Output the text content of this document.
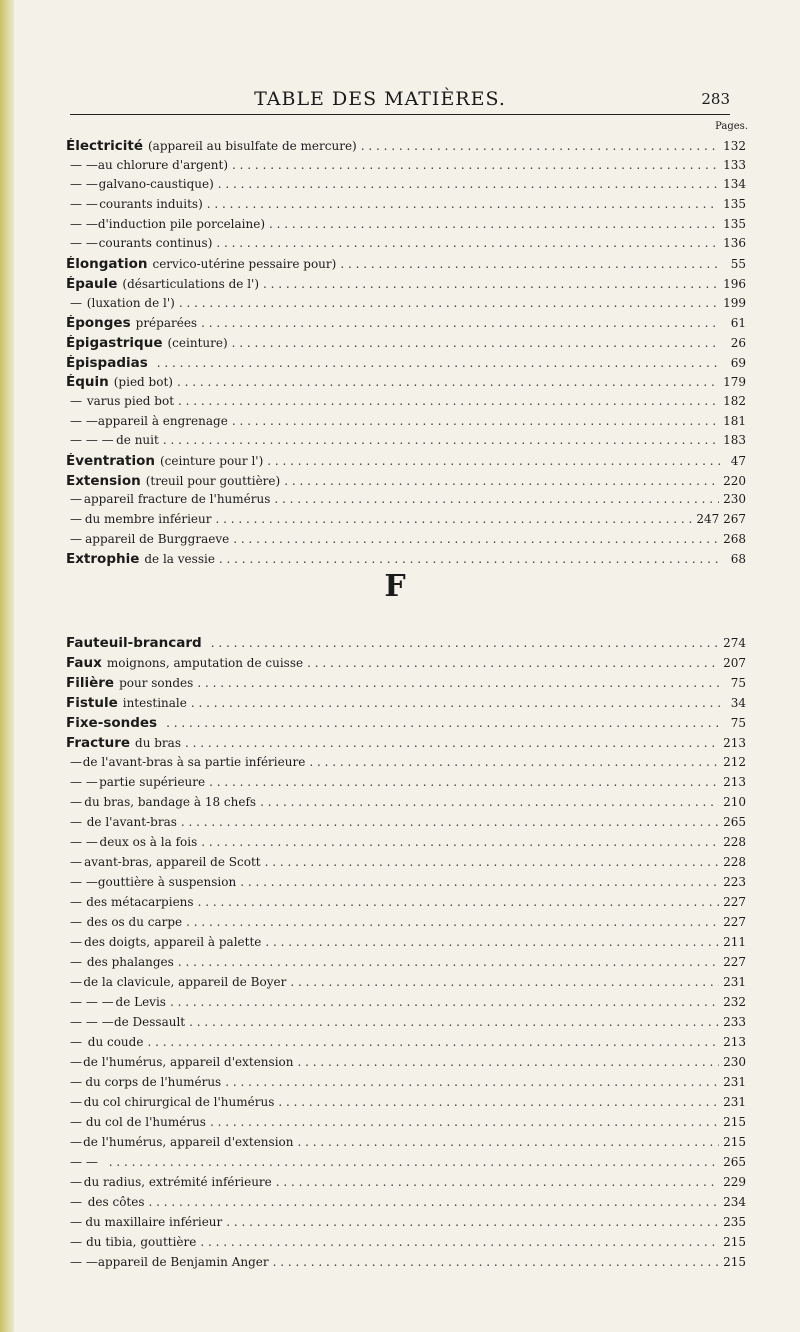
TABLE DES MATIÈRES.	283
Pages.
Électricité (appareil au bisulfate de mercure) . . .	132
— — au chlorure d'argent) . . .	133
— — galvano-caustique) . . .	134
— — courants induits) . . .	135
— — d'induction pile porcelaine) . . .	135
— — courants continus) . . .	136
Élongation cervico-utérine pessaire pour) . . .	55
Épaule (désarticulations de l') . . .	196
— (luxation de l') . . .	199
Éponges préparées . . .	61
Épigastrique (ceinture) . . .	26
Épispadias . . .	69
Équin (pied bot) . . .	179
— varus pied bot . . .	182
— — appareil à engrenage . . .	181
— — — de nuit . . .	183
Éventration (ceinture pour l') . . .	47
Extension (treuil pour gouttière) . . .	220
— appareil fracture de l'humérus . . .	230
— du membre inférieur . . .	247 267
— appareil de Burggraeve . . .	268
Extrophie de la vessie . . .	68
F
Fauteuil-brancard . . .	274
Faux moignons, amputation de cuisse . . .	207
Filière pour sondes . . .	75
Fistule intestinale . . .	34
Fixe-sondes . . .	75
Fracture du bras . . .	213
— de l'avant-bras à sa partie inférieure . . .	212
— — partie supérieure . . .	213
— du bras, bandage à 18 chefs . . .	210
— de l'avant-bras . . .	265
— — deux os à la fois . . .	228
— avant-bras, appareil de Scott . . .	228
— — gouttière à suspension . . .	223
— des métacarpiens . . .	227
— des os du carpe . . .	227
— des doigts, appareil à palette . . .	211
— des phalanges . . .	227
— de la clavicule, appareil de Boyer . . .	231
— — — de Levis . . .	232
— — — de Dessault . . .	233
— du coude . . .	213
— de l'humérus, appareil d'extension . . .	230
— du corps de l'humérus . . .	231
— du col chirurgical de l'humérus . . .	231
— du col de l'humérus . . .	215
— de l'humérus, appareil d'extension . . .	215
— — . . .	265
— du radius, extrémité inférieure . . .	229
— des côtes . . .	234
— du maxillaire inférieur . . .	235
— du tibia, gouttière . . .	215
— — appareil de Benjamin Anger . . .	215
